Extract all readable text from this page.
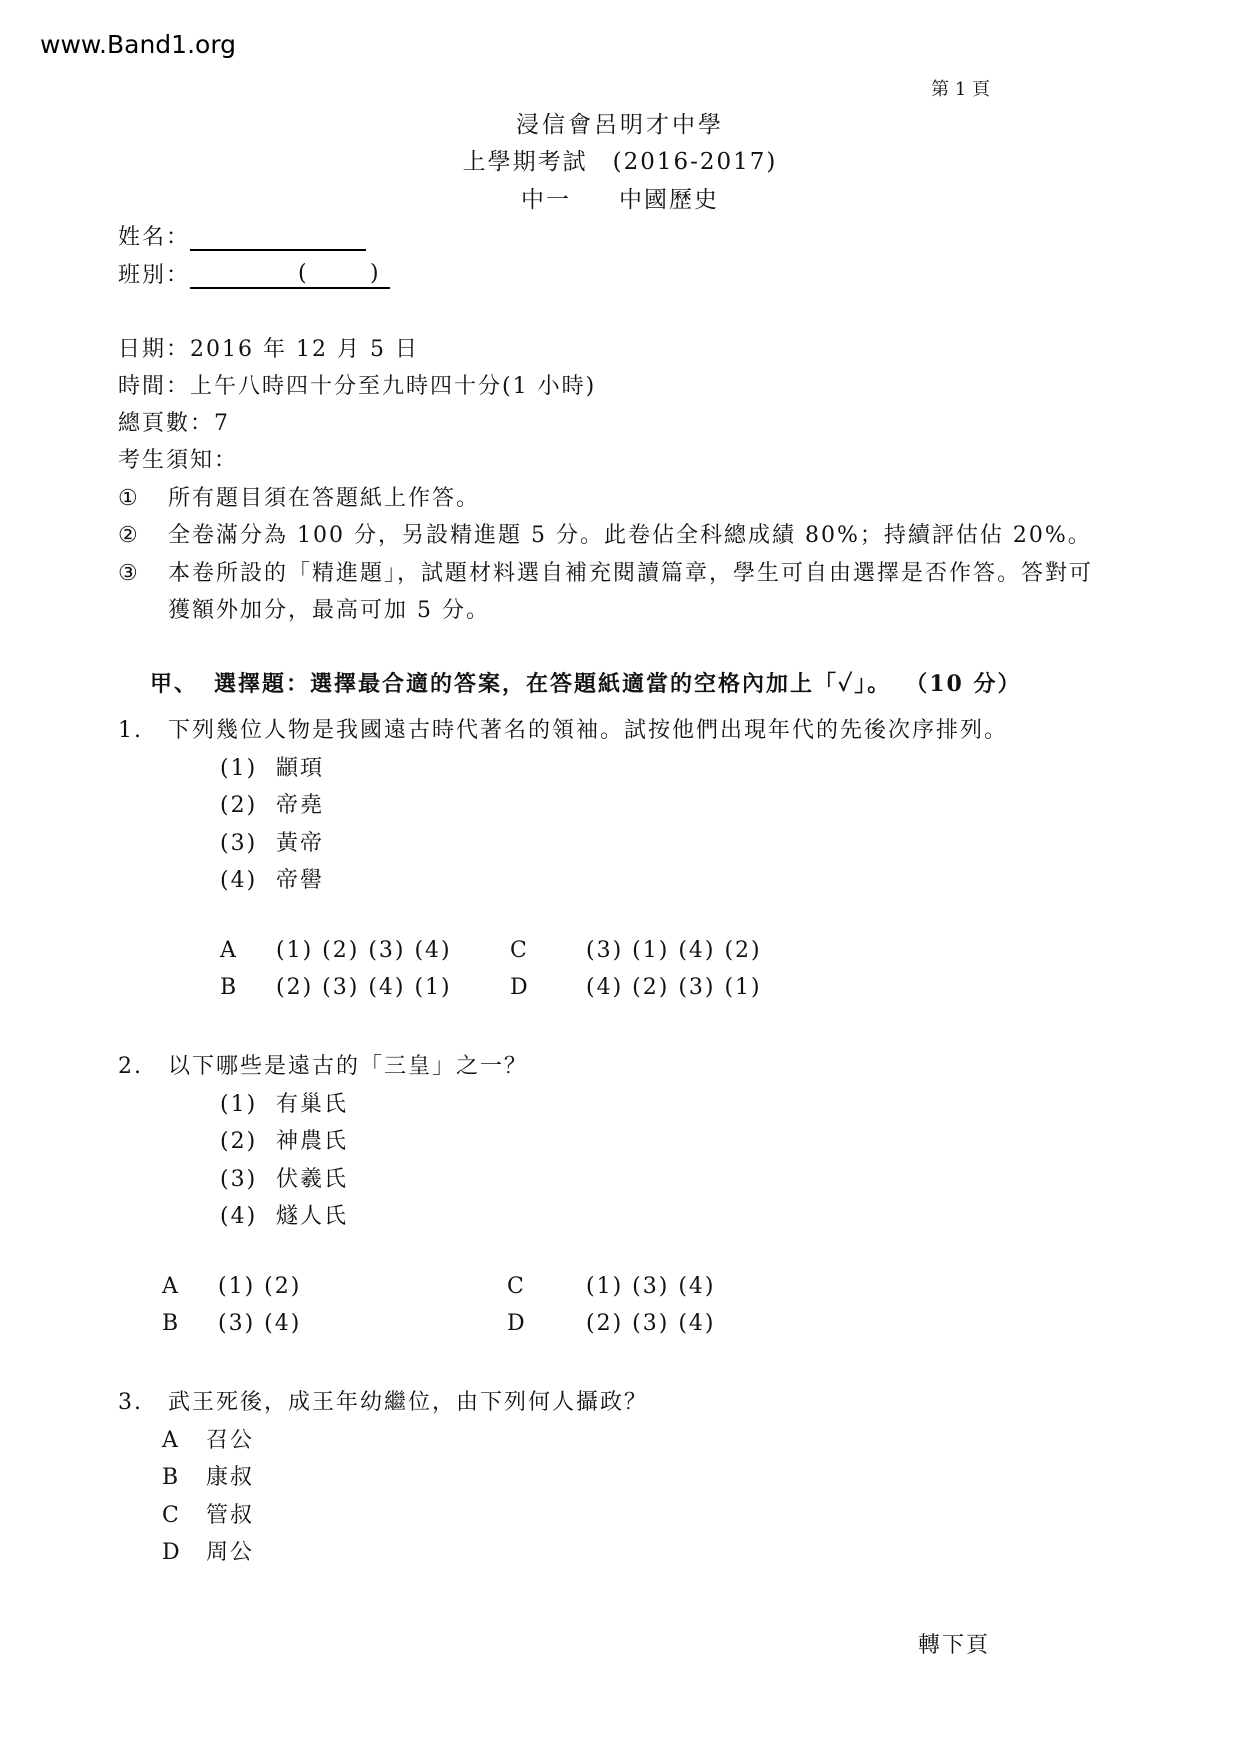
www.Band1.org
第 1 頁
浸信會呂明才中學
上學期考試　(2016-2017)
中一 中國歷史
姓名：
班別：	(	)
日期：2016 年 12 月 5 日
時間：上午八時四十分至九時四十分(1 小時)
總頁數：7
考生須知：
① 所有題目須在答題紙上作答。
② 全卷滿分為 100 分，另設精進題 5 分。此卷佔全科總成績 80%；持續評估佔 20%。
③ 本卷所設的「精進題」，試題材料選自補充閱讀篇章，學生可自由選擇是否作答。答對可
獲額外加分，最高可加 5 分。
甲、 選擇題：選擇最合適的答案，在答題紙適當的空格內加上「✓」。 （10 分）
1. 下列幾位人物是我國遠古時代著名的領袖。試按他們出現年代的先後次序排列。
(1) 顓頊
(2) 帝堯
(3) 黃帝
(4) 帝嚳
A (1) (2) (3) (4)	C	(3) (1) (4) (2)
B (2) (3) (4) (1)	D	(4) (2) (3) (1)
2. 以下哪些是遠古的「三皇」之一？
(1) 有巢氏
(2) 神農氏
(3) 伏羲氏
(4) 燧人氏
A (1) (2)	C	(1) (3) (4)
B (3) (4)	D	(2) (3) (4)
3. 武王死後，成王年幼繼位，由下列何人攝政？
A 召公
B 康叔
C 管叔
D 周公
轉下頁
